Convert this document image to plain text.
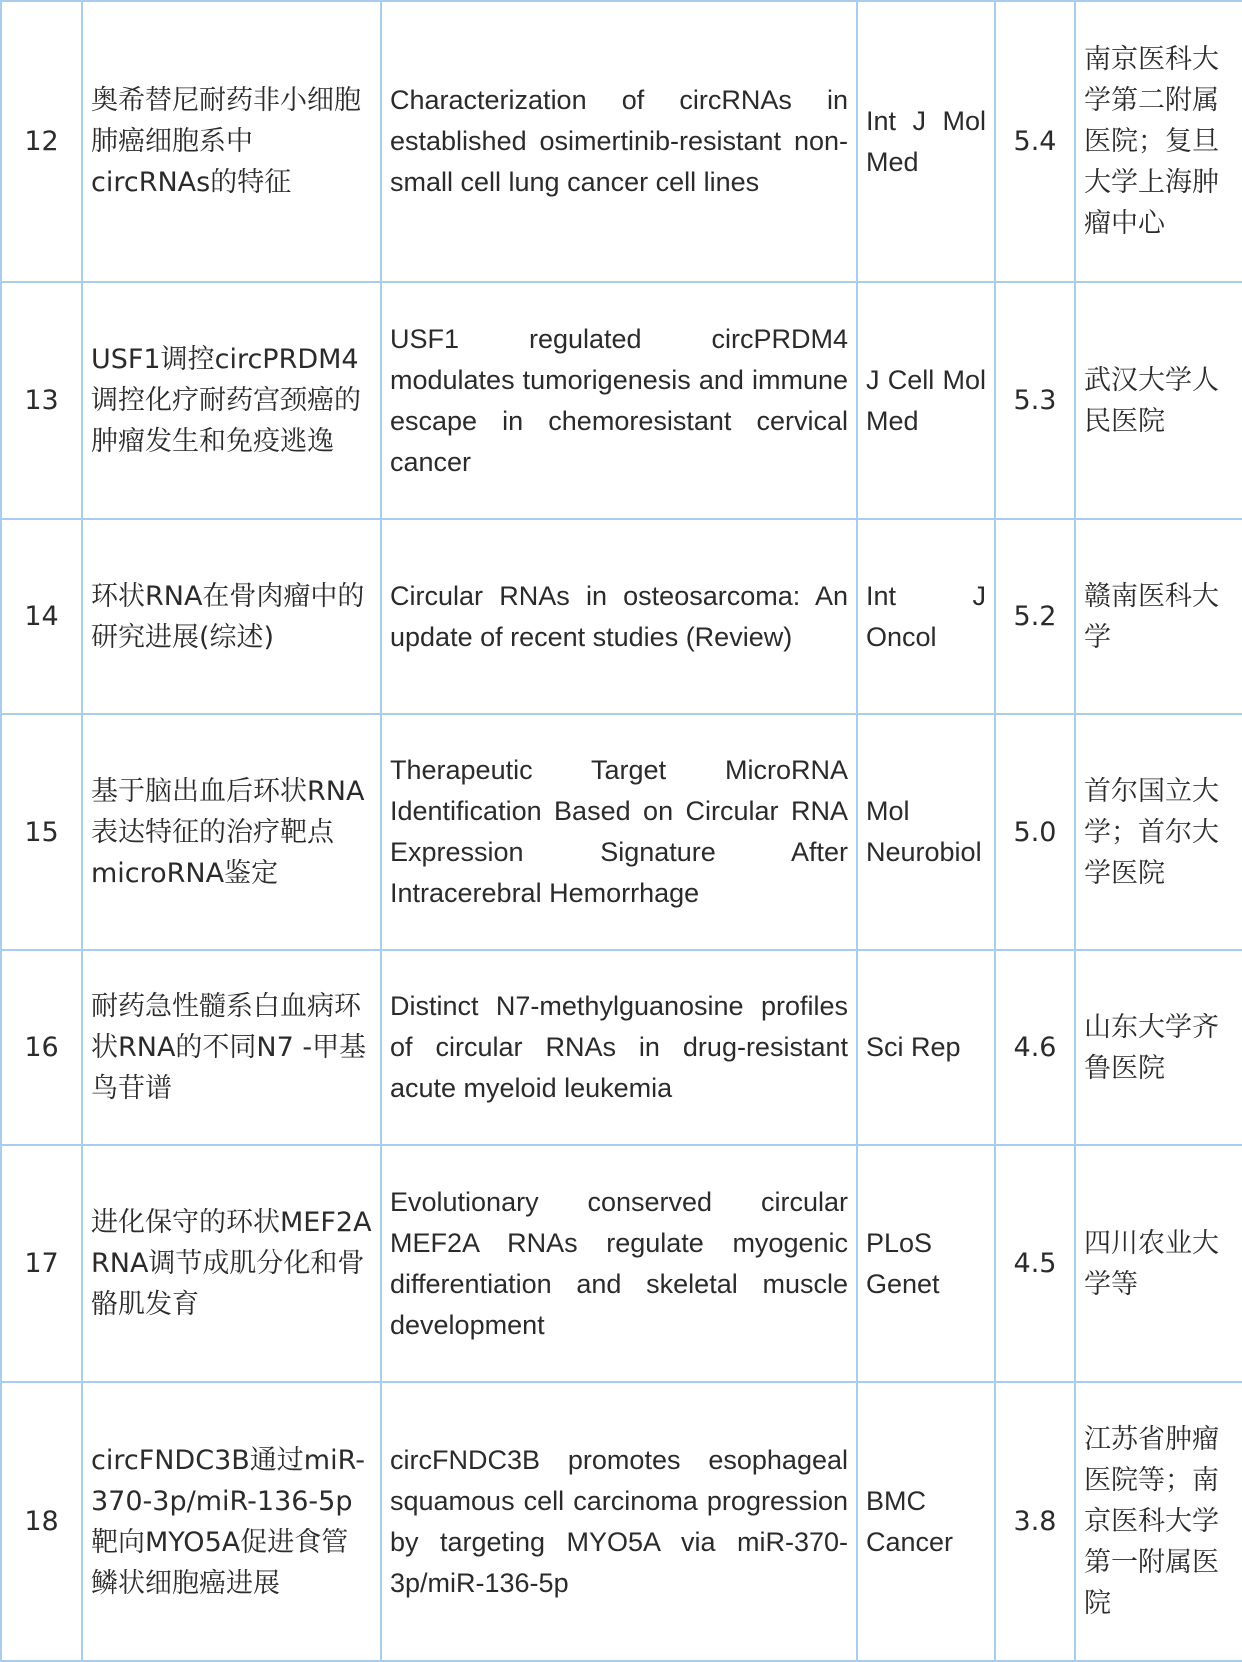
12	奥希替尼耐药非小细胞肺癌细胞系中circRNAs的特征	Characterization of circRNAs in established osimertinib-resistant non-small cell lung cancer cell lines	Int J Mol Med	5.4	南京医科大学第二附属医院；复旦大学上海肿瘤中心
13	USF1调控circPRDM4调控化疗耐药宫颈癌的肿瘤发生和免疫逃逸	USF1 regulated circPRDM4 modulates tumorigenesis and immune escape in chemoresistant cervical cancer	J Cell Mol Med	5.3	武汉大学人民医院
14	环状RNA在骨肉瘤中的研究进展(综述)	Circular RNAs in osteosarcoma: An update of recent studies (Review)	Int J Oncol	5.2	赣南医科大学
15	基于脑出血后环状RNA表达特征的治疗靶点microRNA鉴定	Therapeutic Target MicroRNA Identification Based on Circular RNA Expression Signature After Intracerebral Hemorrhage	Mol Neurobiol	5.0	首尔国立大学；首尔大学医院
16	耐药急性髓系白血病环状RNA的不同N7 -甲基鸟苷谱	Distinct N7-methylguanosine profiles of circular RNAs in drug-resistant acute myeloid leukemia	Sci Rep	4.6	山东大学齐鲁医院
17	进化保守的环状MEF2A RNA调节成肌分化和骨骼肌发育	Evolutionary conserved circular MEF2A RNAs regulate myogenic differentiation and skeletal muscle development	PLoS Genet	4.5	四川农业大学等
18	circFNDC3B通过miR-370-3p/miR-136-5p靶向MYO5A促进食管鳞状细胞癌进展	circFNDC3B promotes esophageal squamous cell carcinoma progression by targeting MYO5A via miR-370-3p/miR-136-5p	BMC Cancer	3.8	江苏省肿瘤医院等；南京医科大学第一附属医院
